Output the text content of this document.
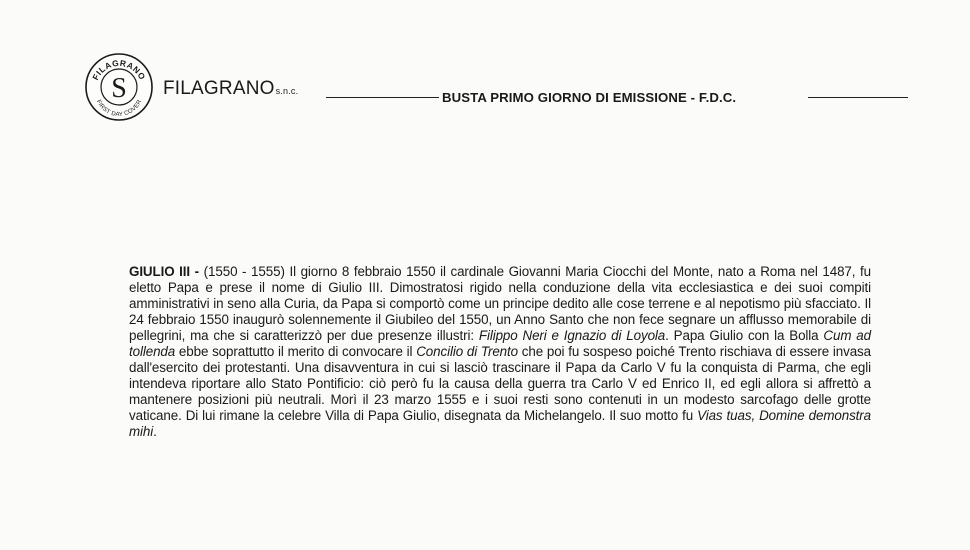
FILAGRANO
S
FIRST DAY COVER
FILAGRANOs.n.c.	BUSTA PRIMO GIORNO DI EMISSIONE - F.D.C.
GIULIO III - (1550 - 1555) Il giorno 8 febbraio 1550 il cardinale Giovanni Maria Ciocchi del Monte, nato a Roma nel 1487, fu eletto Papa e prese il nome di Giulio III. Dimostratosi rigido nella conduzione della vita ecclesiastica e dei suoi compiti amministrativi in seno alla Curia, da Papa si comportò come un principe dedito alle cose terrene e al nepotismo più sfacciato. Il 24 febbraio 1550 inaugurò solennemente il Giubileo del 1550, un Anno Santo che non fece segnare un afflusso memorabile di pellegrini, ma che si caratterizzò per due presenze illustri: Filippo Neri e Ignazio di Loyola. Papa Giulio con la Bolla Cum ad tollenda ebbe soprattutto il merito di convocare il Concilio di Trento che poi fu sospeso poiché Trento rischiava di essere invasa dall'esercito dei protestanti. Una disavventura in cui si lasciò trascinare il Papa da Carlo V fu la conquista di Parma, che egli intendeva riportare allo Stato Pontificio: ciò però fu la causa della guerra tra Carlo V ed Enrico II, ed egli allora si affrettò a mantenere posizioni più neutrali. Morì il 23 marzo 1555 e i suoi resti sono contenuti in un modesto sarcofago delle grotte vaticane. Di lui rimane la celebre Villa di Papa Giulio, disegnata da Michelangelo. Il suo motto fu Vias tuas, Domine demonstra mihi.
